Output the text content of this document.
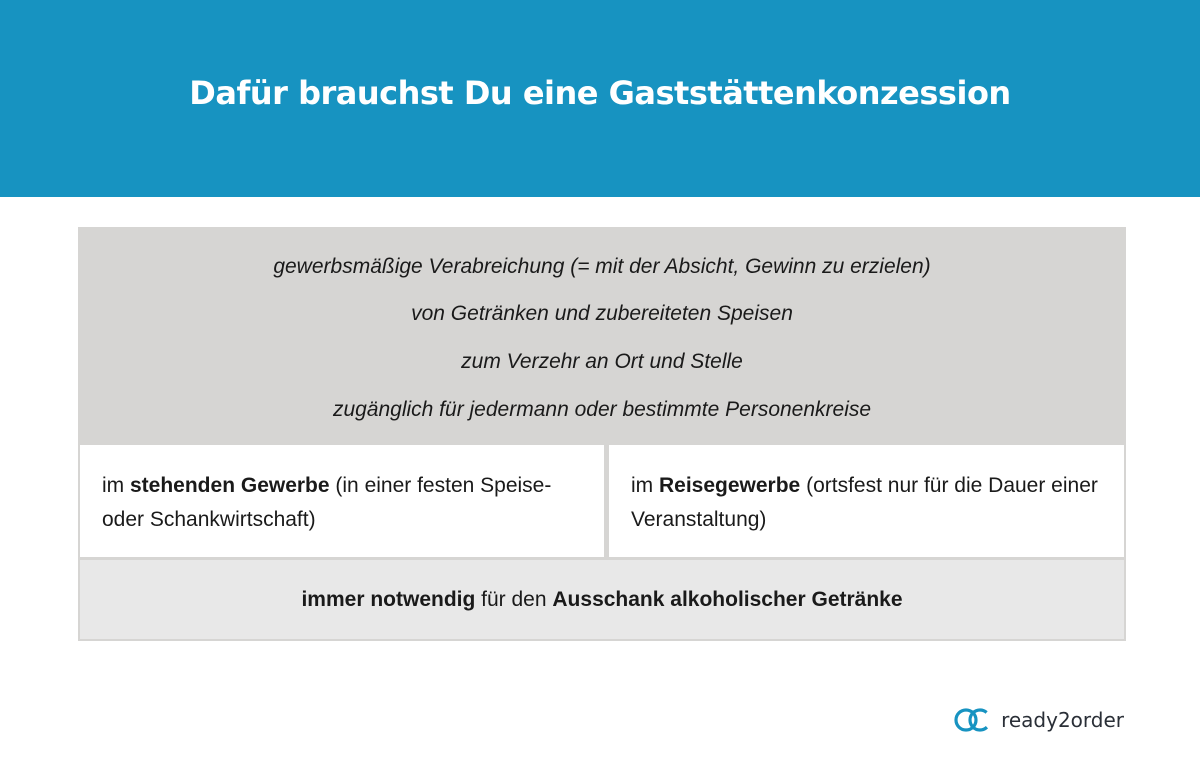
Dafür brauchst Du eine Gaststättenkonzession
gewerbsmäßige Verabreichung (= mit der Absicht, Gewinn zu erzielen)
von Getränken und zubereiteten Speisen
zum Verzehr an Ort und Stelle
zugänglich für jedermann oder bestimmte Personenkreise
im stehenden Gewerbe (in einer festen Speise- oder Schankwirtschaft)
im Reisegewerbe (ortsfest nur für die Dauer einer Veranstaltung)
immer notwendig für den Ausschank alkoholischer Getränke
ready2order
